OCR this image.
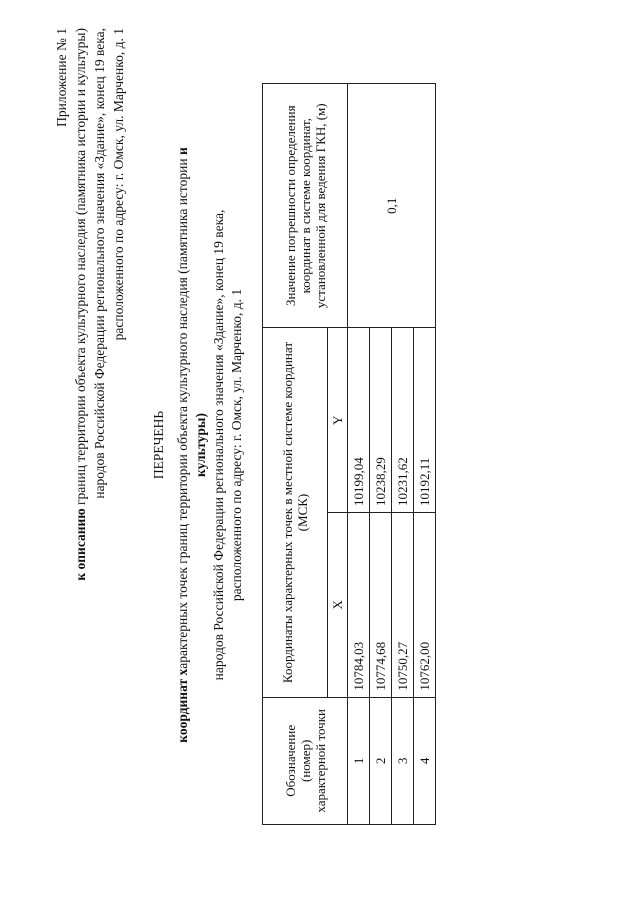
Приложение № 1
к описанию границ территории объекта культурного наследия (памятника истории и культуры) народов Российской Федерации регионального значения «Здание», конец 19 века, расположенного по адресу: г. Омск, ул. Марченко, д. 1
ПЕРЕЧЕНЬ
координат характерных точек границ территории объекта культурного наследия (памятника истории и культуры) народов Российской Федерации регионального значения «Здание», конец 19 века, расположенного по адресу: г. Омск, ул. Марченко, д. 1
Обозначение (номер) характерной точки	Координаты характерных точек в местной системе координат (МСК)		Значение погрешности определения координат в системе координат, установленной для ведения ГКН, (м)
	X	Y	
1	10784,03	10199,04	0,1
2	10774,68	10238,29	
3	10750,27	10231,62	
4	10762,00	10192,11	
